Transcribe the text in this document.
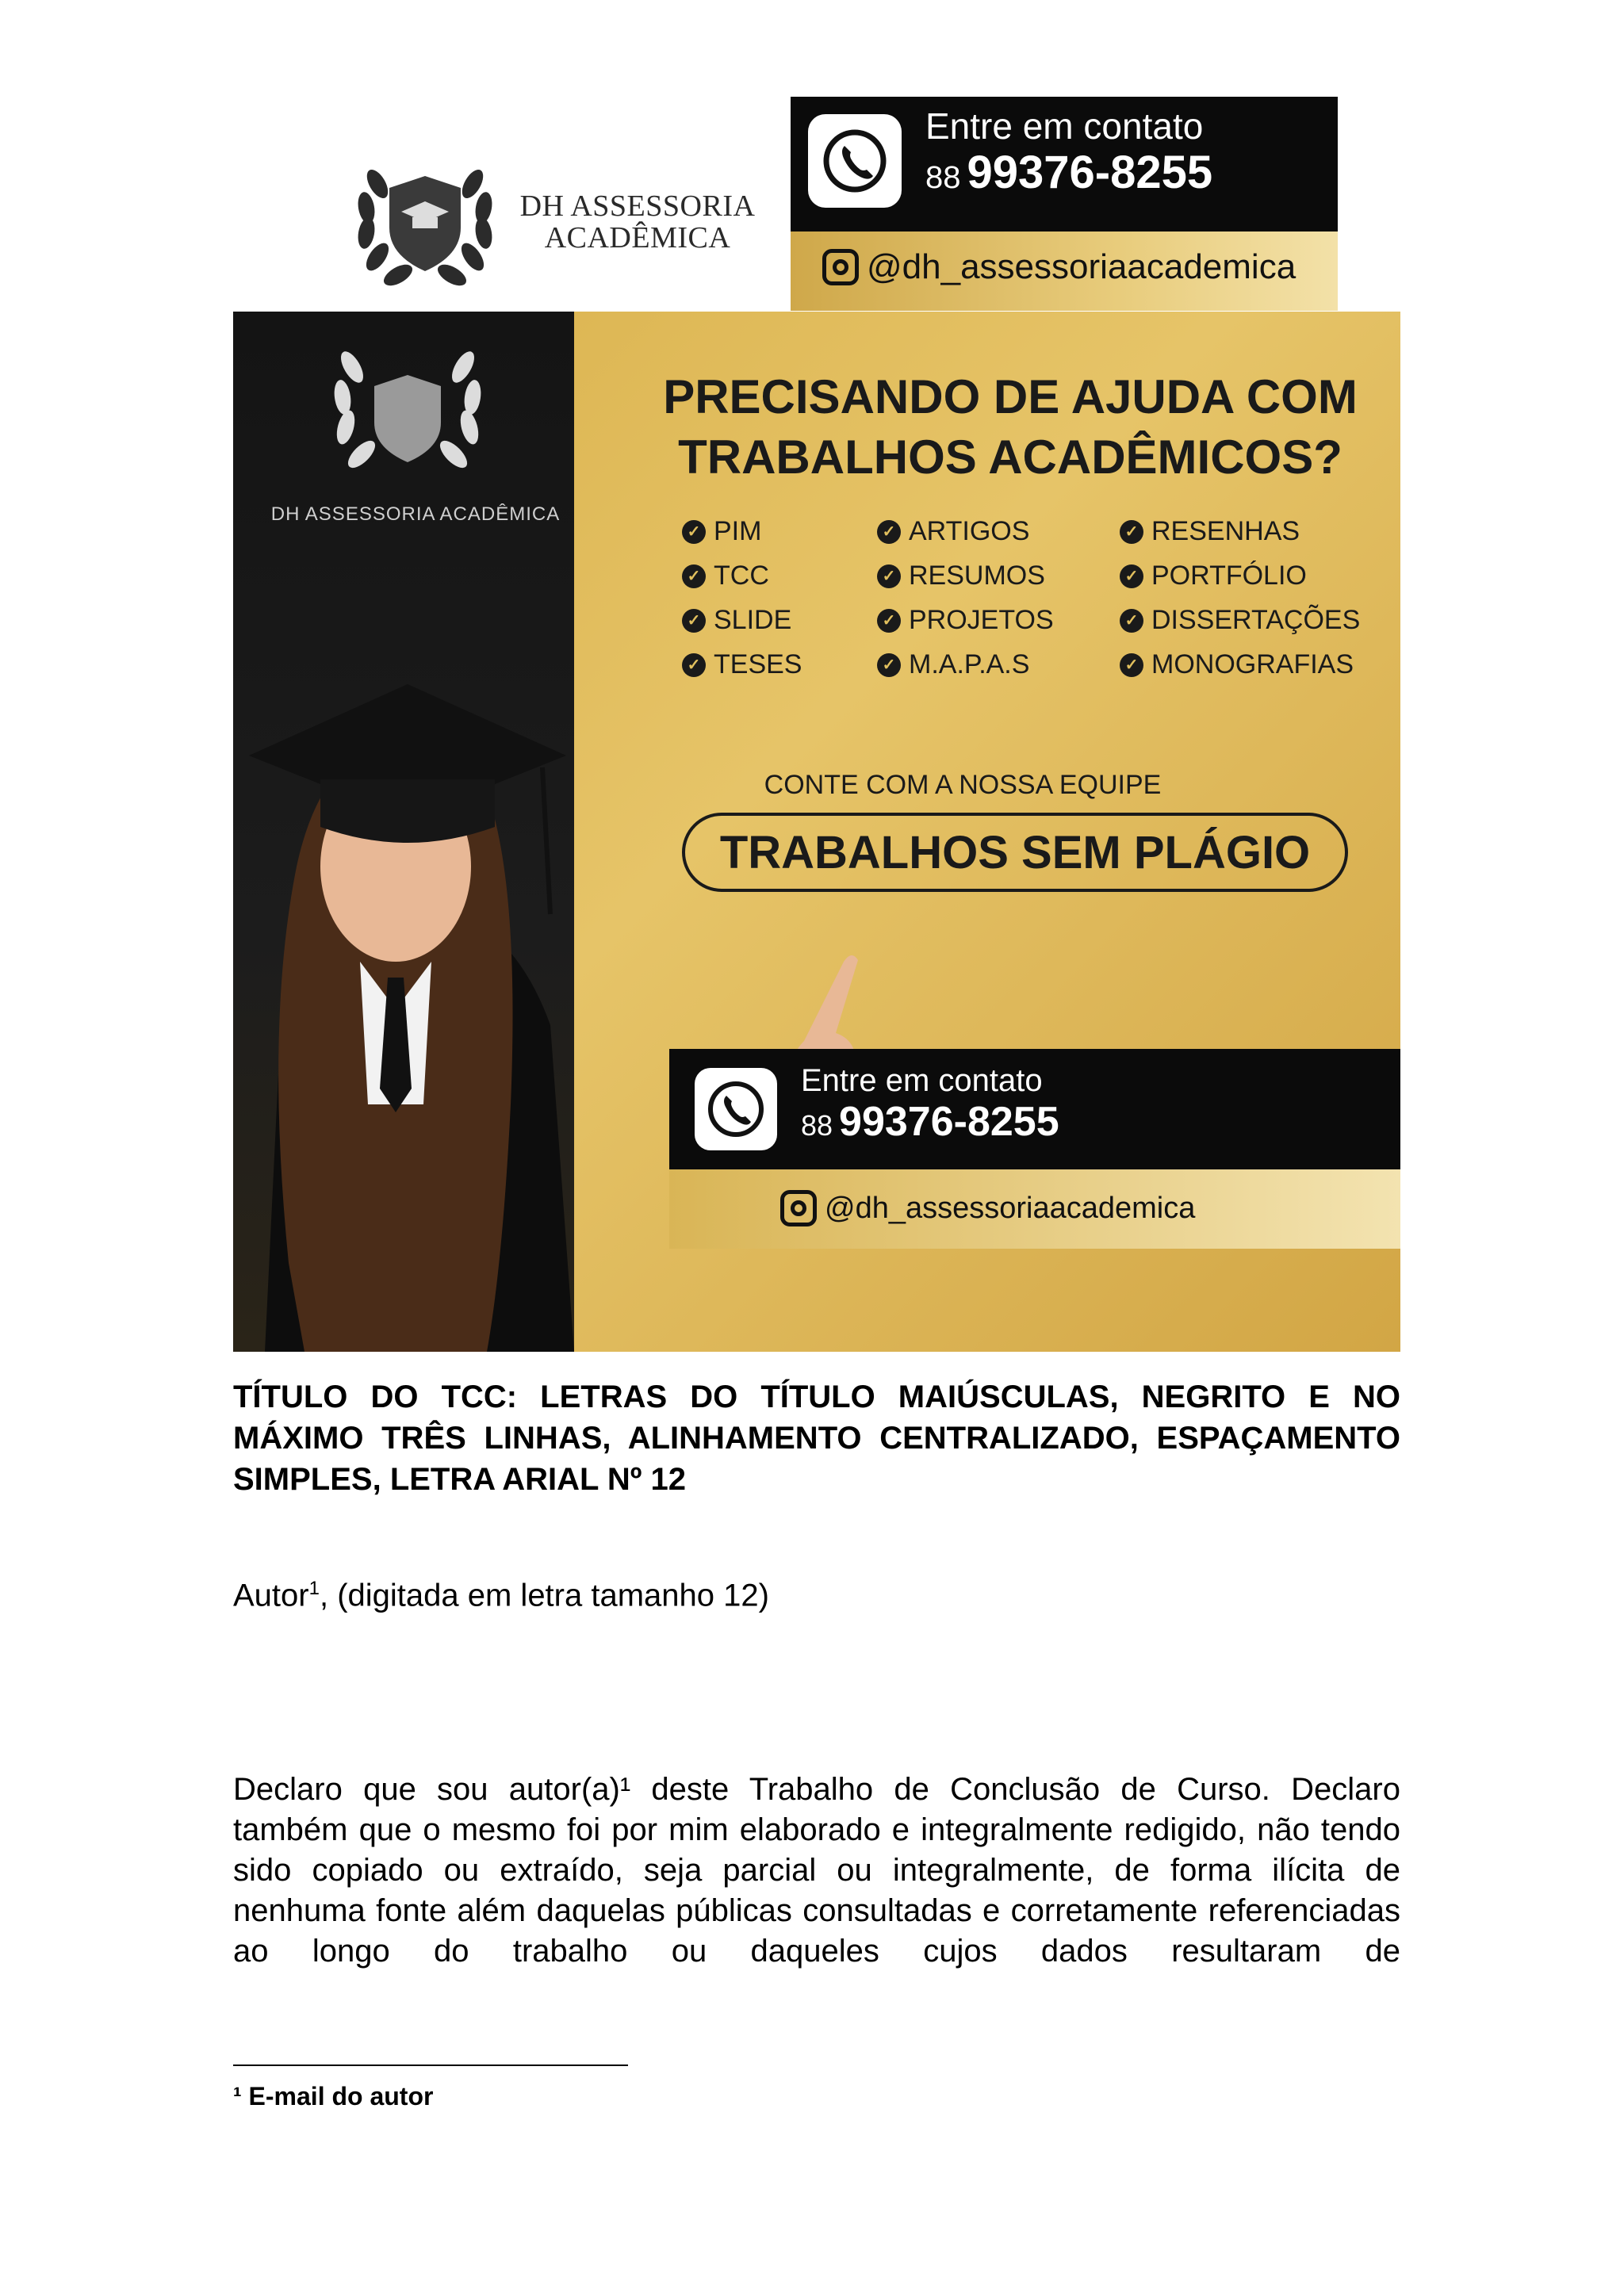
DH ASSESSORIA
ACADÊMICA
Entre em contato
88 99376-8255
@dh_assessoriaacademica
DH ASSESSORIA ACADÊMICA
PRECISANDO DE AJUDA COM
TRABALHOS ACADÊMICOS?
✓ PIM
✓ TCC
✓ SLIDE
✓ TESES
✓ ARTIGOS
✓ RESUMOS
✓ PROJETOS
✓ M.A.P.A.S
✓ RESENHAS
✓ PORTFÓLIO
✓ DISSERTAÇÕES
✓ MONOGRAFIAS
CONTE COM A NOSSA EQUIPE
TRABALHOS SEM PLÁGIO
Entre em contato
88 99376-8255
@dh_assessoriaacademica
TÍTULO DO TCC: LETRAS DO TÍTULO MAIÚSCULAS, NEGRITO E NO MÁXIMO TRÊS LINHAS, ALINHAMENTO CENTRALIZADO, ESPAÇAMENTO SIMPLES, LETRA ARIAL Nº 12
Autor$^1$, (digitada em letra tamanho 12)
Declaro que sou autor(a)¹ deste Trabalho de Conclusão de Curso. Declaro também que o mesmo foi por mim elaborado e integralmente redigido, não tendo sido copiado ou extraído, seja parcial ou integralmente, de forma ilícita de nenhuma fonte além daquelas públicas consultadas e corretamente referenciadas ao longo do trabalho ou daqueles cujos dados resultaram de
¹ E-mail do autor
